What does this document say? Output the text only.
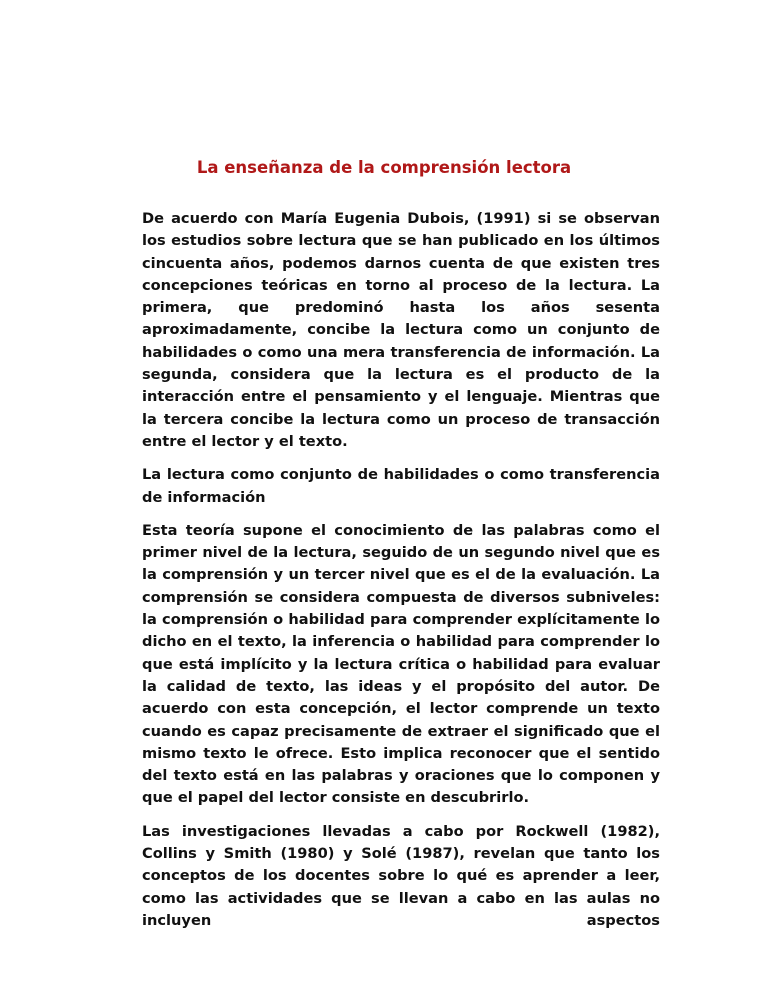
La enseñanza de la comprensión lectora

De acuerdo con María Eugenia Dubois, (1991) si se observan los estudios sobre lectura que se han publicado en los últimos cincuenta años, podemos darnos cuenta de que existen tres concepciones teóricas en torno al proceso de la lectura. La primera, que predominó hasta los años sesenta aproximadamente, concibe la lectura como un conjunto de habilidades o como una mera transferencia de información. La segunda, considera que la lectura es el producto de la interacción entre el pensamiento y el lenguaje. Mientras que la tercera concibe la lectura como un proceso de transacción entre el lector y el texto.

La lectura como conjunto de habilidades o como transferencia de información

Esta teoría supone el conocimiento de las palabras como el primer nivel de la lectura, seguido de un segundo nivel que es la comprensión y un tercer nivel que es el de la evaluación. La comprensión se considera compuesta de diversos subniveles: la comprensión o habilidad para comprender explícitamente lo dicho en el texto, la inferencia o habilidad para comprender lo que está implícito y la lectura crítica o habilidad para evaluar la calidad de texto, las ideas y el propósito del autor. De acuerdo con esta concepción, el lector comprende un texto cuando es capaz precisamente de extraer el significado que el mismo texto le ofrece. Esto implica reconocer que el sentido del texto está en las palabras y oraciones que lo componen y que el papel del lector consiste en descubrirlo.

Las investigaciones llevadas a cabo por Rockwell (1982), Collins y Smith (1980) y Solé (1987), revelan que tanto los conceptos de los docentes sobre lo qué es aprender a leer, como las actividades que se llevan a cabo en las aulas no incluyen aspectos
